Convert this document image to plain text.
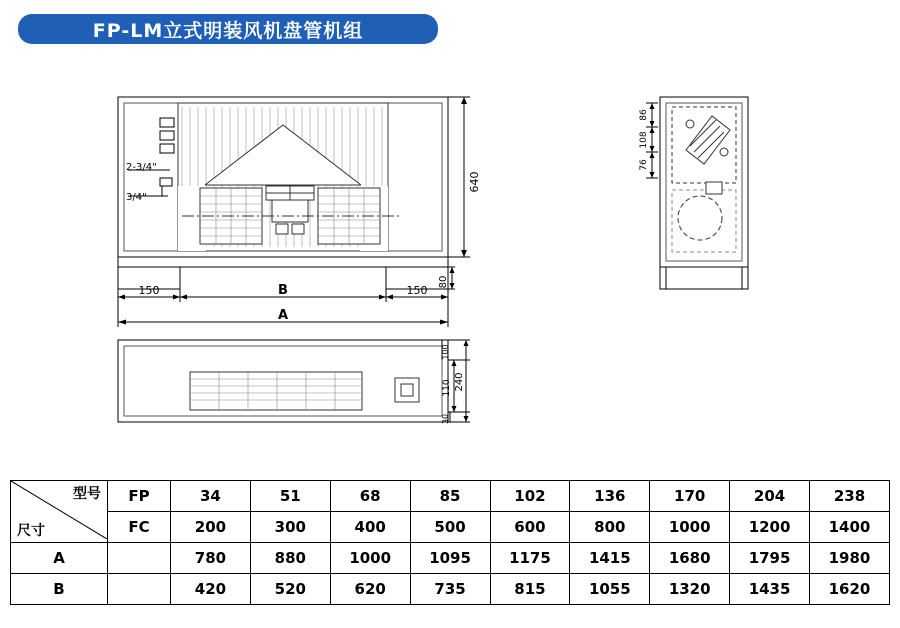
FP-LM立式明装风机盘管机组
640
80
150	150
B
A
2-3/4"
3/4"
86
108
76
110 240
30
100
型号
尺寸	FP	34	51	68	85	102	136	170	204	238
	FC	200	300	400	500	600	800	1000	1200	1400
A		780	880	1000	1095	1175	1415	1680	1795	1980
B		420	520	620	735	815	1055	1320	1435	1620
